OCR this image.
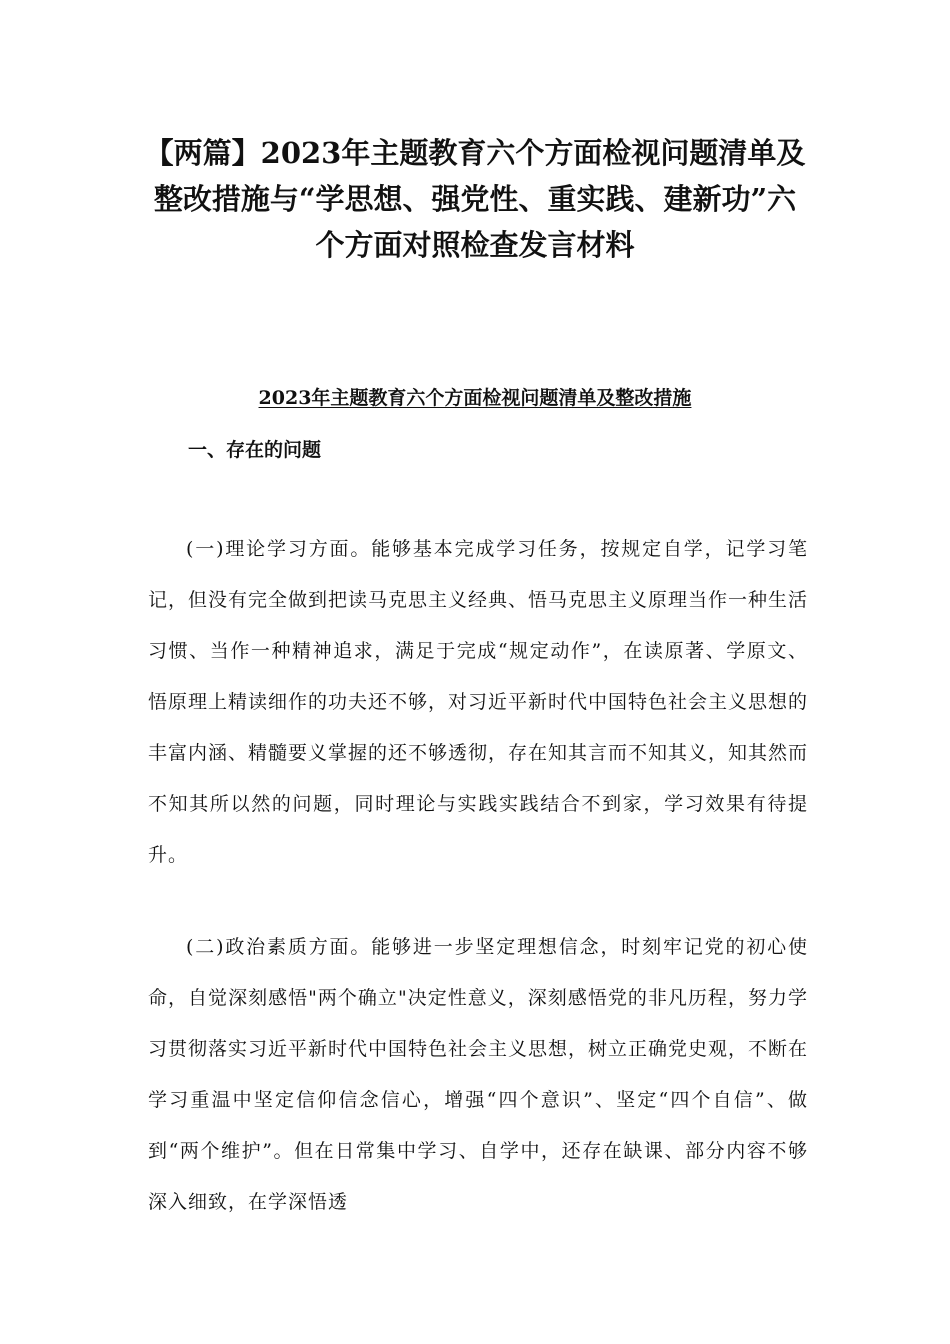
【两篇】2023年主题教育六个方面检视问题清单及整改措施与“学思想、强党性、重实践、建新功”六个方面对照检查发言材料
2023年主题教育六个方面检视问题清单及整改措施
一、存在的问题

(一)理论学习方面。能够基本完成学习任务，按规定自学，记学习笔记，但没有完全做到把读马克思主义经典、悟马克思主义原理当作一种生活习惯、当作一种精神追求，满足于完成“规定动作”，在读原著、学原文、悟原理上精读细作的功夫还不够，对习近平新时代中国特色社会主义思想的丰富内涵、精髓要义掌握的还不够透彻，存在知其言而不知其义，知其然而不知其所以然的问题，同时理论与实践实践结合不到家，学习效果有待提升。

(二)政治素质方面。能够进一步坚定理想信念，时刻牢记党的初心使命，自觉深刻感悟"两个确立"决定性意义，深刻感悟党的非凡历程，努力学习贯彻落实习近平新时代中国特色社会主义思想，树立正确党史观，不断在学习重温中坚定信仰信念信心，增强“四个意识”、坚定“四个自信”、做到“两个维护”。但在日常集中学习、自学中，还存在缺课、部分内容不够深入细致，在学深悟透
